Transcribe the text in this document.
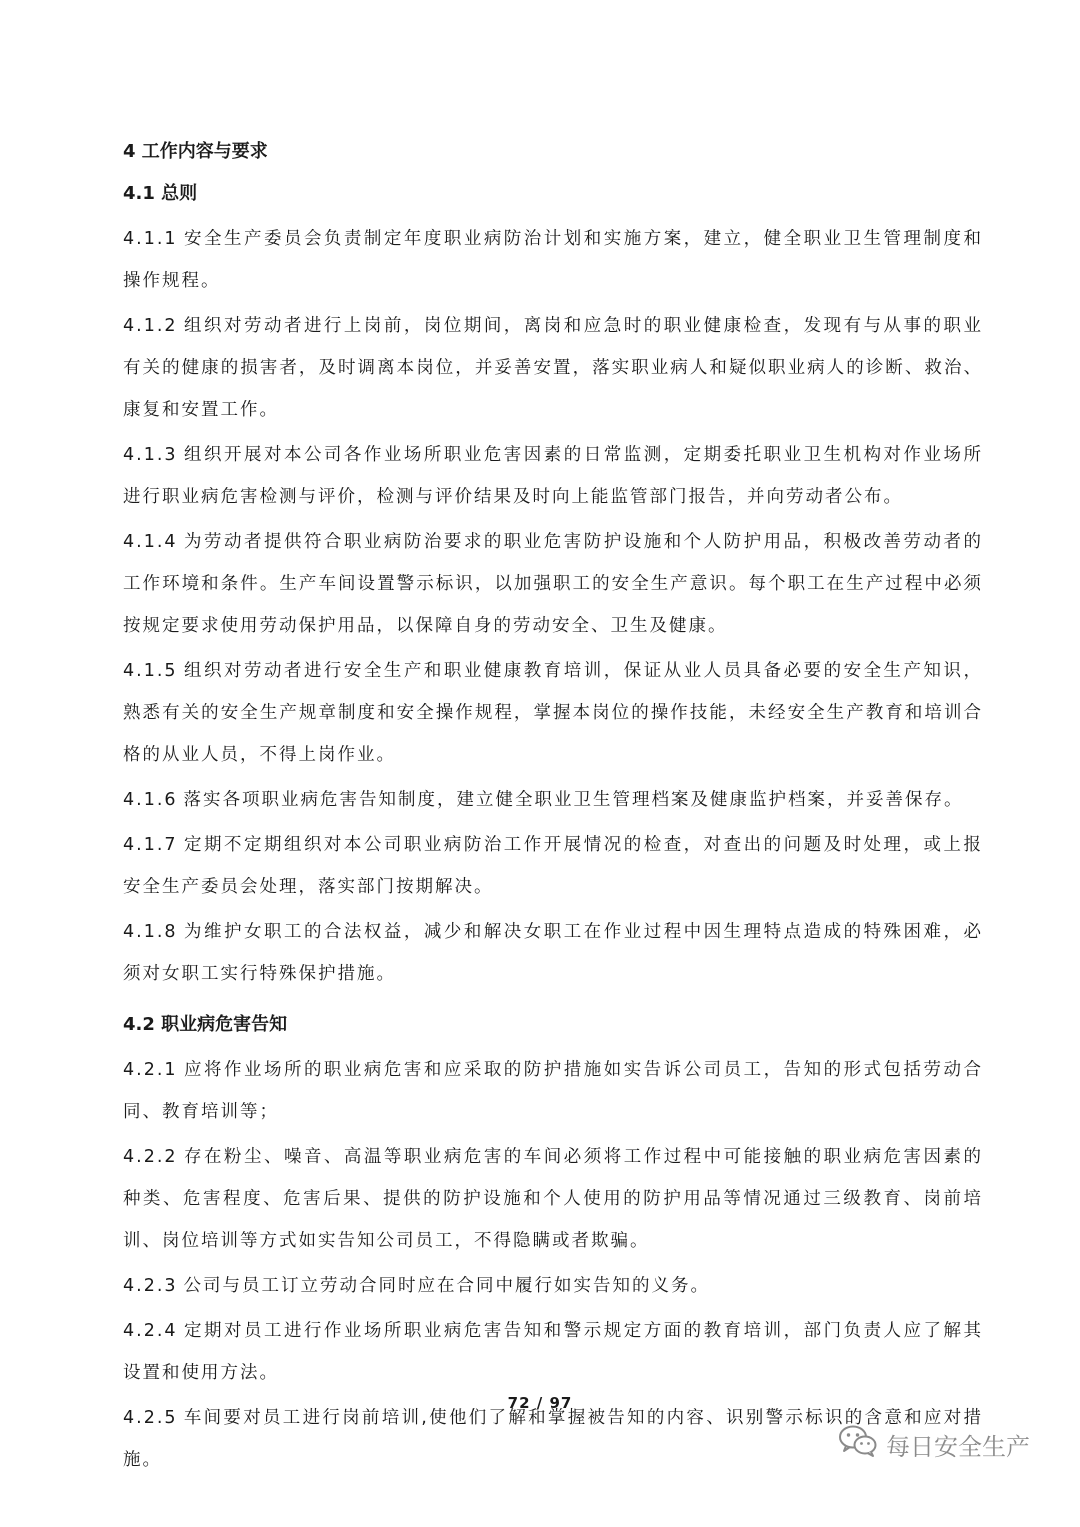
4 工作内容与要求
4.1 总则
4.1.1 安全生产委员会负责制定年度职业病防治计划和实施方案，建立，健全职业卫生管理制度和操作规程。
4.1.2 组织对劳动者进行上岗前，岗位期间，离岗和应急时的职业健康检查，发现有与从事的职业有关的健康的损害者，及时调离本岗位，并妥善安置，落实职业病人和疑似职业病人的诊断、救治、康复和安置工作。
4.1.3 组织开展对本公司各作业场所职业危害因素的日常监测，定期委托职业卫生机构对作业场所进行职业病危害检测与评价，检测与评价结果及时向上能监管部门报告，并向劳动者公布。
4.1.4 为劳动者提供符合职业病防治要求的职业危害防护设施和个人防护用品，积极改善劳动者的工作环境和条件。生产车间设置警示标识，以加强职工的安全生产意识。每个职工在生产过程中必须按规定要求使用劳动保护用品，以保障自身的劳动安全、卫生及健康。
4.1.5 组织对劳动者进行安全生产和职业健康教育培训，保证从业人员具备必要的安全生产知识，熟悉有关的安全生产规章制度和安全操作规程，掌握本岗位的操作技能，未经安全生产教育和培训合格的从业人员，不得上岗作业。
4.1.6 落实各项职业病危害告知制度，建立健全职业卫生管理档案及健康监护档案，并妥善保存。
4.1.7 定期不定期组织对本公司职业病防治工作开展情况的检查，对查出的问题及时处理，或上报安全生产委员会处理，落实部门按期解决。
4.1.8 为维护女职工的合法权益，减少和解决女职工在作业过程中因生理特点造成的特殊困难，必须对女职工实行特殊保护措施。
4.2 职业病危害告知
4.2.1 应将作业场所的职业病危害和应采取的防护措施如实告诉公司员工，告知的形式包括劳动合同、教育培训等；
4.2.2 存在粉尘、噪音、高温等职业病危害的车间必须将工作过程中可能接触的职业病危害因素的种类、危害程度、危害后果、提供的防护设施和个人使用的防护用品等情况通过三级教育、岗前培训、岗位培训等方式如实告知公司员工，不得隐瞒或者欺骗。
4.2.3 公司与员工订立劳动合同时应在合同中履行如实告知的义务。
4.2.4 定期对员工进行作业场所职业病危害告知和警示规定方面的教育培训，部门负责人应了解其设置和使用方法。
4.2.5 车间要对员工进行岗前培训,使他们了解和掌握被告知的内容、识别警示标识的含意和应对措施。
72 / 97
每日安全生产
